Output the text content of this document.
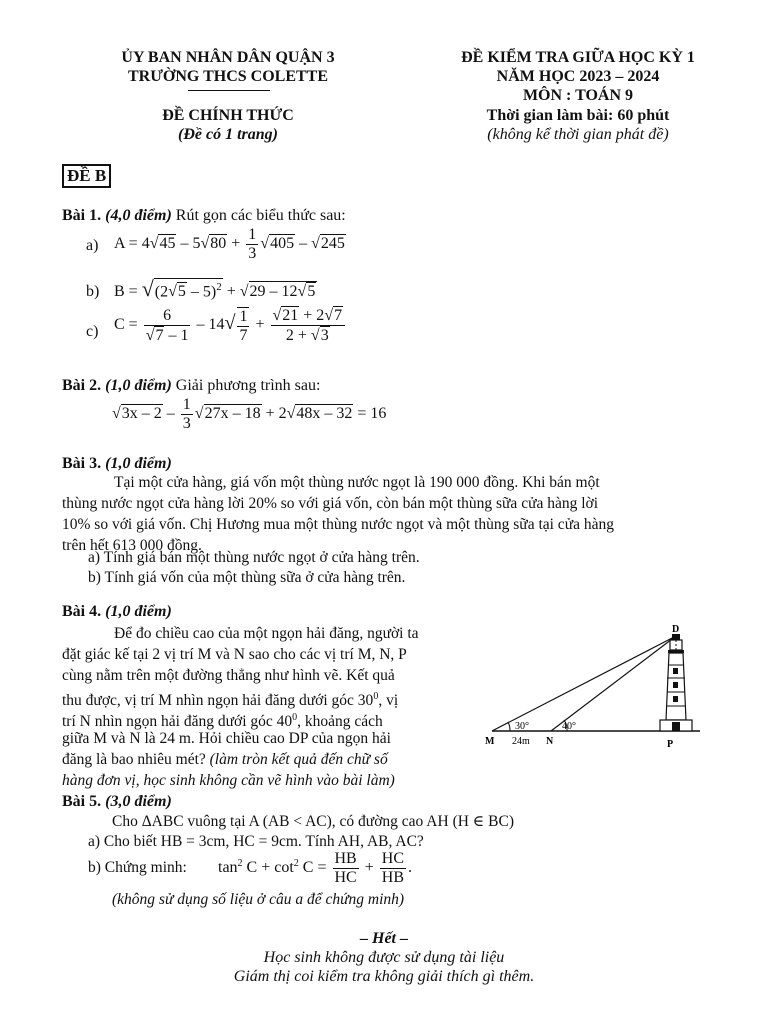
ỦY BAN NHÂN DÂN QUẬN 3
TRƯỜNG THCS COLETTE
ĐỀ CHÍNH THỨC
(Đề có 1 trang)
ĐỀ KIỂM TRA GIỮA HỌC KỲ 1
NĂM HỌC 2023 – 2024
MÔN : TOÁN 9
Thời gian làm bài: 60 phút
(không kể thời gian phát đề)
ĐỀ B
Bài 1. (4,0 điểm) Rút gọn các biểu thức sau:
a) $A = 4√45 - 5√80 + \frac{1}{3} √405 - √245$
b) B = √(2√5 – 5)$^2$ + √29 – 12√5
c) $C = \frac{6}{√7 - 1} - 14√ \frac{1}{7} + \frac{√21 + 2√7}{2 + √3}$
Bài 2. (1,0 điểm) Giải phương trình sau:
$√3x - 2 - \frac{1}{3} √27x - 18 + 2√48x - 32 = 16$
Bài 3. (1,0 điểm)
Tại một cửa hàng, giá vốn một thùng nước ngọt là 190 000 đồng. Khi bán một
thùng nước ngọt cửa hàng lời 20% so với giá vốn, còn bán một thùng sữa cửa hàng lời
10% so với giá vốn. Chị Hương mua một thùng nước ngọt và một thùng sữa tại cửa hàng
trên hết 613 000 đồng.
a) Tính giá bán một thùng nước ngọt ở cửa hàng trên.
b) Tính giá vốn của một thùng sữa ở cửa hàng trên.
Bài 4. (1,0 điểm)
Để đo chiều cao của một ngọn hải đăng, người ta
đặt giác kế tại 2 vị trí M và N sao cho các vị trí M, N, P
cùng nằm trên một đường thẳng như hình vẽ. Kết quả
thu được, vị trí M nhìn ngọn hải đăng dưới góc $30^0$, vị
trí N nhìn ngọn hải đăng dưới góc $40^0$, khoảng cách
giữa M và N là 24 m. Hỏi chiều cao DP của ngọn hải
đăng là bao nhiêu mét? (làm tròn kết quả đến chữ số
hàng đơn vị, học sinh không cần vẽ hình vào bài làm)
30°	40°
24m
D
M	N	P
Bài 5. (3,0 điểm)
Cho ΔABC vuông tại A (AB < AC), có đường cao AH (H ∈ BC)
a) Cho biết HB = 3cm, HC = 9cm. Tính AH, AB, AC?
b) Chứng minh: $\tan^2 C + \cot^2 C = \frac{HB}{HC} + \frac{HC}{HB}$ .
(không sử dụng số liệu ở câu a để chứng minh)
– Hết –
Học sinh không được sử dụng tài liệu
Giám thị coi kiểm tra không giải thích gì thêm.
